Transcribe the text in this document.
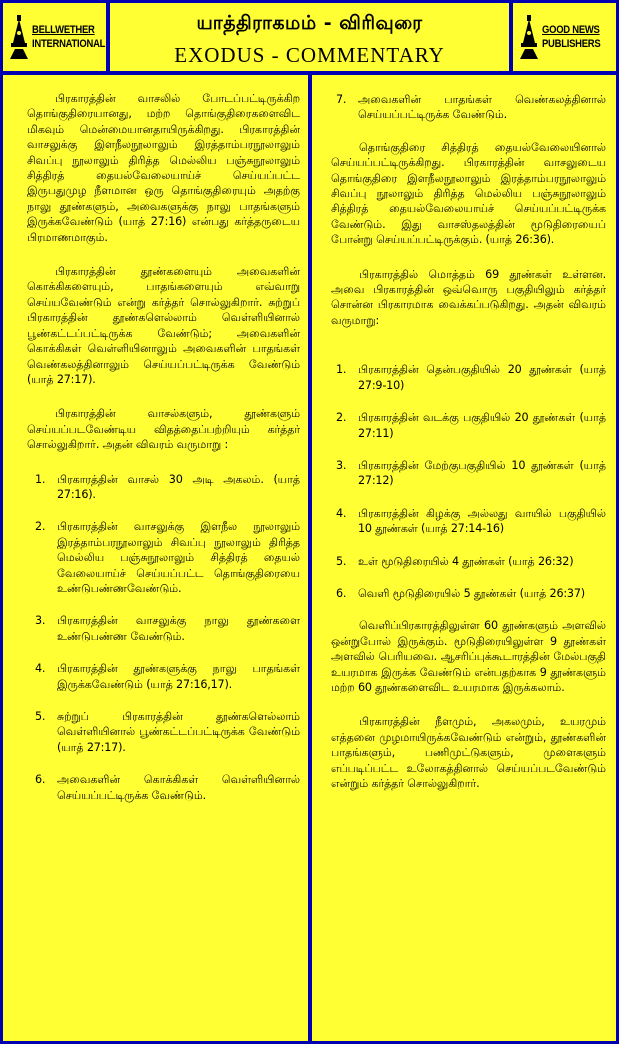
BELLWETHER
INTERNATIONAL
யாத்திராகமம் - விரிவுரை
EXODUS - COMMENTARY
GOOD NEWS
PUBLISHERS

பிரகாரத்தின் வாசலில் போடப்பட்டிருக்கிற தொங்குதிரையானது, மற்ற தொங்குதிரைகளைவிட மிகவும் மென்மையானதாயிருக்கிறது. பிரகாரத்தின் வாசலுக்கு இளநீலநூலாலும் இரத்தாம்பரநூலாலும் சிவப்பு நூலாலும் திரித்த மெல்லிய பஞ்சுநூலாலும் சித்திரத் தையல்வேலையாய்ச் செய்யப்பட்ட இருபதுமுழ நீளமான ஒரு தொங்குதிரையும் அதற்கு நாலு தூண்களும், அவைகளுக்கு நாலு பாதங்களும் இருக்கவேண்டும் (யாத் 27:16) என்பது கர்த்தருடைய பிரமாணமாகும்.

பிரகாரத்தின் தூண்களையும் அவைகளின் கொக்கிகளையும், பாதங்களையும் எவ்வாறு செய்யவேண்டும் என்று கர்த்தர் சொல்லுகிறார். சுற்றுப் பிரகாரத்தின் தூண்களெல்லாம் வெள்ளியினால் பூண்கட்டப்பட்டிருக்க வேண்டும்; அவைகளின் கொக்கிகள் வெள்ளியினாலும் அவைகளின் பாதங்கள் வெண்கலத்தினாலும் செய்யப்பட்டிருக்க வேண்டும் (யாத் 27:17).

பிரகாரத்தின் வாசல்களும், தூண்களும் செய்யப்படவேண்டிய விதத்தைப்பற்றியும் கர்த்தர் சொல்லுகிறார். அதன் விவரம் வருமாறு :

1.	பிரகாரத்தின் வாசல் 30 அடி அகலம். (யாத் 27:16).
2.	பிரகாரத்தின் வாசலுக்கு இளநீல நூலாலும் இரத்தாம்பரநூலாலும் சிவப்பு நூலாலும் திரித்த மெல்லிய பஞ்சுநூலாலும் சித்திரத் தையல் வேலையாய்ச் செய்யப்பட்ட தொங்குதிரையை உண்டுபண்ணவேண்டும்.
3.	பிரகாரத்தின் வாசலுக்கு நாலு தூண்களை உண்டுபண்ண வேண்டும்.
4.	பிரகாரத்தின் தூண்களுக்கு நாலு பாதங்கள் இருக்கவேண்டும் (யாத் 27:16,17).
5.	சுற்றுப் பிரகாரத்தின் தூண்களெல்லாம் வெள்ளியினால் பூண்கட்டப்பட்டிருக்க வேண்டும் (யாத் 27:17).
6.	அவைகளின் கொக்கிகள் வெள்ளியினால் செய்யப்பட்டிருக்க வேண்டும்.
7.	அவைகளின் பாதங்கள் வெண்கலத்தினால் செய்யப்பட்டிருக்க வேண்டும்.

தொங்குதிரை சித்திரத் தையல்வேலையினால் செய்யப்பட்டிருக்கிறது. பிரகாரத்தின் வாசலுடைய தொங்குதிரை இளநீலநூலாலும் இரத்தாம்பரநூலாலும் சிவப்பு நூலாலும் திரித்த மெல்லிய பஞ்சுநூலாலும் சித்திரத் தையல்வேலையாய்ச் செய்யப்பட்டிருக்க வேண்டும். இது வாசஸ்தலத்தின் மூடுதிரையைப் போன்று செய்யப்பட்டிருக்கும். (யாத் 26:36).

பிரகாரத்தில் மொத்தம் 69 தூண்கள் உள்ளன. அவை பிரகாரத்தின் ஒவ்வொரு பகுதியிலும் கர்த்தர் சொன்ன பிரகாரமாக வைக்கப்படுகிறது. அதன் விவரம் வருமாறு:

1.	பிரகாரத்தின் தென்பகுதியில் 20 தூண்கள் (யாத் 27:9-10)
2.	பிரகாரத்தின் வடக்கு பகுதியில் 20 தூண்கள் (யாத் 27:11)
3.	பிரகாரத்தின் மேற்குபகுதியில் 10 தூண்கள் (யாத் 27:12)
4.	பிரகாரத்தின் கிழக்கு அல்லது வாயில் பகுதியில் 10 தூண்கள் (யாத் 27:14-16)
5.	உள் மூடுதிரையில் 4 தூண்கள் (யாத் 26:32)
6.	வெளி மூடுதிரையில் 5 தூண்கள் (யாத் 26:37)

வெளிப்பிரகாரத்திலுள்ள 60 தூண்களும் அளவில் ஒன்றுபோல் இருக்கும். மூடுதிரையிலுள்ள 9 தூண்கள் அளவில் பெரியவை. ஆசரிப்புக்கூடாரத்தின் மேல்பகுதி உயரமாக இருக்க வேண்டும் என்பதற்காக 9 தூண்களும் மற்ற 60 தூண்களைவிட உயரமாக இருக்கலாம்.

பிரகாரத்தின் நீளமும், அகலமும், உயரமும் எத்தனை முழமாயிருக்கவேண்டும் என்றும், தூண்களின் பாதங்களும், பணிமுட்டுகளும், முளைகளும் எப்படிப்பட்ட உலோகத்தினால் செய்யப்படவேண்டும் என்றும் கர்த்தர் சொல்லுகிறார்.
